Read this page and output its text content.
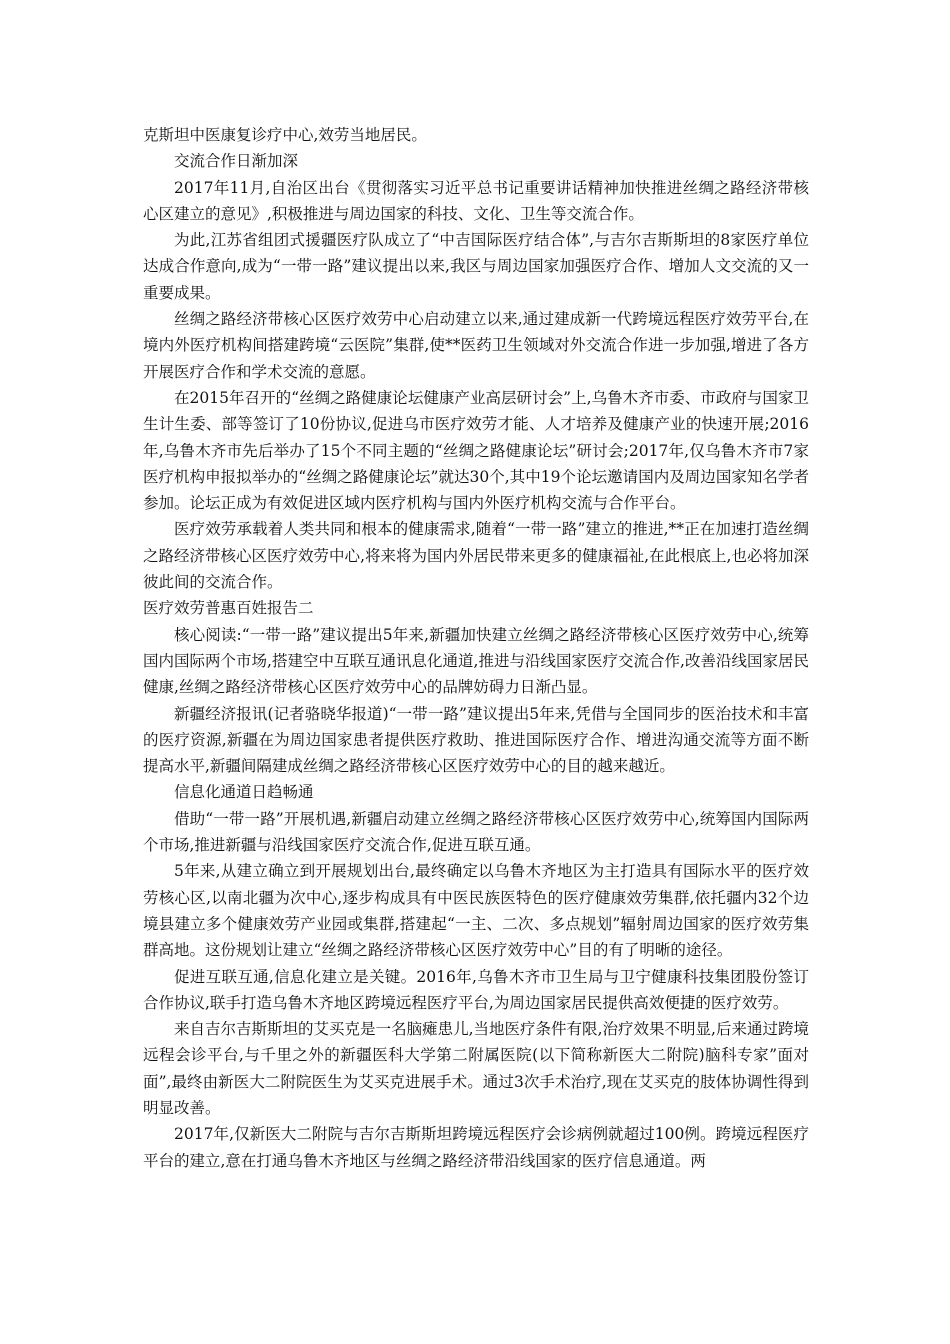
克斯坦中医康复诊疗中心,效劳当地居民。

交流合作日渐加深

2017年11月,自治区出台《贯彻落实习近平总书记重要讲话精神加快推进丝绸之路经济带核心区建立的意见》,积极推进与周边国家的科技、文化、卫生等交流合作。

为此,江苏省组团式援疆医疗队成立了“中吉国际医疗结合体”,与吉尔吉斯斯坦的8家医疗单位达成合作意向,成为“一带一路”建议提出以来,我区与周边国家加强医疗合作、增加人文交流的又一重要成果。

丝绸之路经济带核心区医疗效劳中心启动建立以来,通过建成新一代跨境远程医疗效劳平台,在境内外医疗机构间搭建跨境“云医院”集群,使**医药卫生领域对外交流合作进一步加强,增进了各方开展医疗合作和学术交流的意愿。

在2015年召开的“丝绸之路健康论坛健康产业高层研讨会”上,乌鲁木齐市委、市政府与国家卫生计生委、部等签订了10份协议,促进乌市医疗效劳才能、人才培养及健康产业的快速开展;2016年,乌鲁木齐市先后举办了15个不同主题的“丝绸之路健康论坛”研讨会;2017年,仅乌鲁木齐市7家医疗机构申报拟举办的“丝绸之路健康论坛”就达30个,其中19个论坛邀请国内及周边国家知名学者参加。论坛正成为有效促进区域内医疗机构与国内外医疗机构交流与合作平台。

医疗效劳承载着人类共同和根本的健康需求,随着“一带一路”建立的推进,**正在加速打造丝绸之路经济带核心区医疗效劳中心,将来将为国内外居民带来更多的健康福祉,在此根底上,也必将加深彼此间的交流合作。

医疗效劳普惠百姓报告二

核心阅读:“一带一路”建议提出5年来,新疆加快建立丝绸之路经济带核心区医疗效劳中心,统筹国内国际两个市场,搭建空中互联互通讯息化通道,推进与沿线国家医疗交流合作,改善沿线国家居民健康,丝绸之路经济带核心区医疗效劳中心的品牌妨碍力日渐凸显。

新疆经济报讯(记者骆晓华报道)“一带一路”建议提出5年来,凭借与全国同步的医治技术和丰富的医疗资源,新疆在为周边国家患者提供医疗救助、推进国际医疗合作、增进沟通交流等方面不断提高水平,新疆间隔建成丝绸之路经济带核心区医疗效劳中心的目的越来越近。

信息化通道日趋畅通

借助“一带一路”开展机遇,新疆启动建立丝绸之路经济带核心区医疗效劳中心,统筹国内国际两个市场,推进新疆与沿线国家医疗交流合作,促进互联互通。

5年来,从建立确立到开展规划出台,最终确定以乌鲁木齐地区为主打造具有国际水平的医疗效劳核心区,以南北疆为次中心,逐步构成具有中医民族医特色的医疗健康效劳集群,依托疆内32个边境县建立多个健康效劳产业园或集群,搭建起“一主、二次、多点规划”辐射周边国家的医疗效劳集群高地。这份规划让建立“丝绸之路经济带核心区医疗效劳中心”目的有了明晰的途径。

促进互联互通,信息化建立是关键。2016年,乌鲁木齐市卫生局与卫宁健康科技集团股份签订合作协议,联手打造乌鲁木齐地区跨境远程医疗平台,为周边国家居民提供高效便捷的医疗效劳。

来自吉尔吉斯斯坦的艾买克是一名脑瘫患儿,当地医疗条件有限,治疗效果不明显,后来通过跨境远程会诊平台,与千里之外的新疆医科大学第二附属医院(以下简称新医大二附院)脑科专家”面对面”,最终由新医大二附院医生为艾买克进展手术。通过3次手术治疗,现在艾买克的肢体协调性得到明显改善。

2017年,仅新医大二附院与吉尔吉斯斯坦跨境远程医疗会诊病例就超过100例。跨境远程医疗平台的建立,意在打通乌鲁木齐地区与丝绸之路经济带沿线国家的医疗信息通道。两
